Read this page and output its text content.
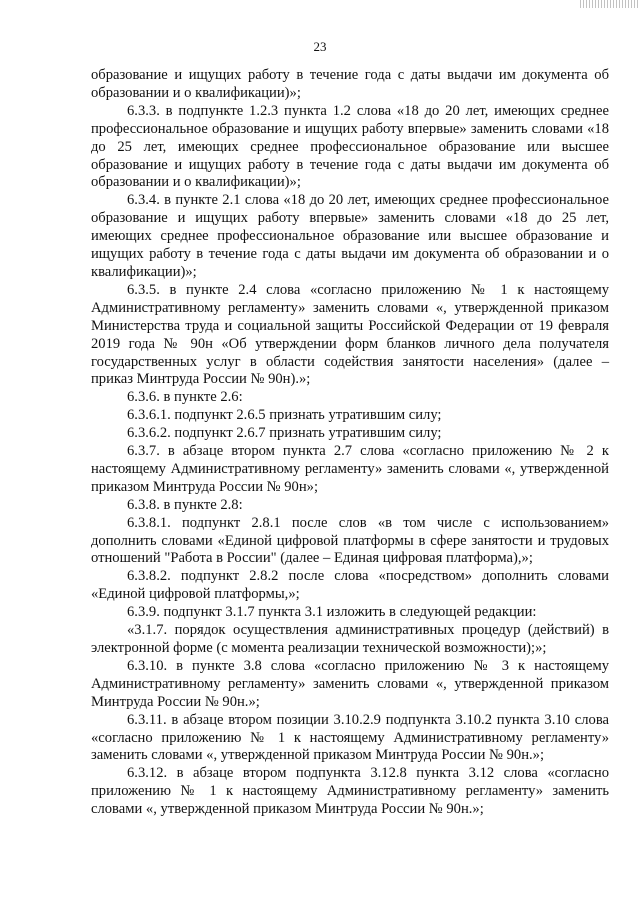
23

образование и ищущих работу в течение года с даты выдачи им документа об образовании и о квалификации)»;

6.3.3. в подпункте 1.2.3 пункта 1.2 слова «18 до 20 лет, имеющих среднее профессиональное образование и ищущих работу впервые» заменить словами «18 до 25 лет, имеющих среднее профессиональное образование или высшее образование и ищущих работу в течение года с даты выдачи им документа об образовании и о квалификации)»;

6.3.4. в пункте 2.1 слова «18 до 20 лет, имеющих среднее профессиональное образование и ищущих работу впервые» заменить словами «18 до 25 лет, имеющих среднее профессиональное образование или высшее образование и ищущих работу в течение года с даты выдачи им документа об образовании и о квалификации)»;

6.3.5. в пункте 2.4 слова «согласно приложению № 1 к настоящему Административному регламенту» заменить словами «, утвержденной приказом Министерства труда и социальной защиты Российской Федерации от 19 февраля 2019 года № 90н «Об утверждении форм бланков личного дела получателя государственных услуг в области содействия занятости населения» (далее – приказ Минтруда России № 90н).»;

6.3.6. в пункте 2.6:

6.3.6.1. подпункт 2.6.5 признать утратившим силу;

6.3.6.2. подпункт 2.6.7 признать утратившим силу;

6.3.7. в абзаце втором пункта 2.7 слова «согласно приложению № 2 к настоящему Административному регламенту» заменить словами «, утвержденной приказом Минтруда России № 90н»;

6.3.8. в пункте 2.8:

6.3.8.1. подпункт 2.8.1 после слов «в том числе с использованием» дополнить словами «Единой цифровой платформы в сфере занятости и трудовых отношений "Работа в России" (далее – Единая цифровая платформа),»;

6.3.8.2. подпункт 2.8.2 после слова «посредством» дополнить словами «Единой цифровой платформы,»;

6.3.9. подпункт 3.1.7 пункта 3.1 изложить в следующей редакции:

«3.1.7. порядок осуществления административных процедур (действий) в электронной форме (с момента реализации технической возможности);»;

6.3.10. в пункте 3.8 слова «согласно приложению № 3 к настоящему Административному регламенту» заменить словами «, утвержденной приказом Минтруда России № 90н.»;

6.3.11. в абзаце втором позиции 3.10.2.9 подпункта 3.10.2 пункта 3.10 слова «согласно приложению № 1 к настоящему Административному регламенту» заменить словами «, утвержденной приказом Минтруда России № 90н.»;

6.3.12. в абзаце втором подпункта 3.12.8 пункта 3.12 слова «согласно приложению № 1 к настоящему Административному регламенту» заменить словами «, утвержденной приказом Минтруда России № 90н.»;
